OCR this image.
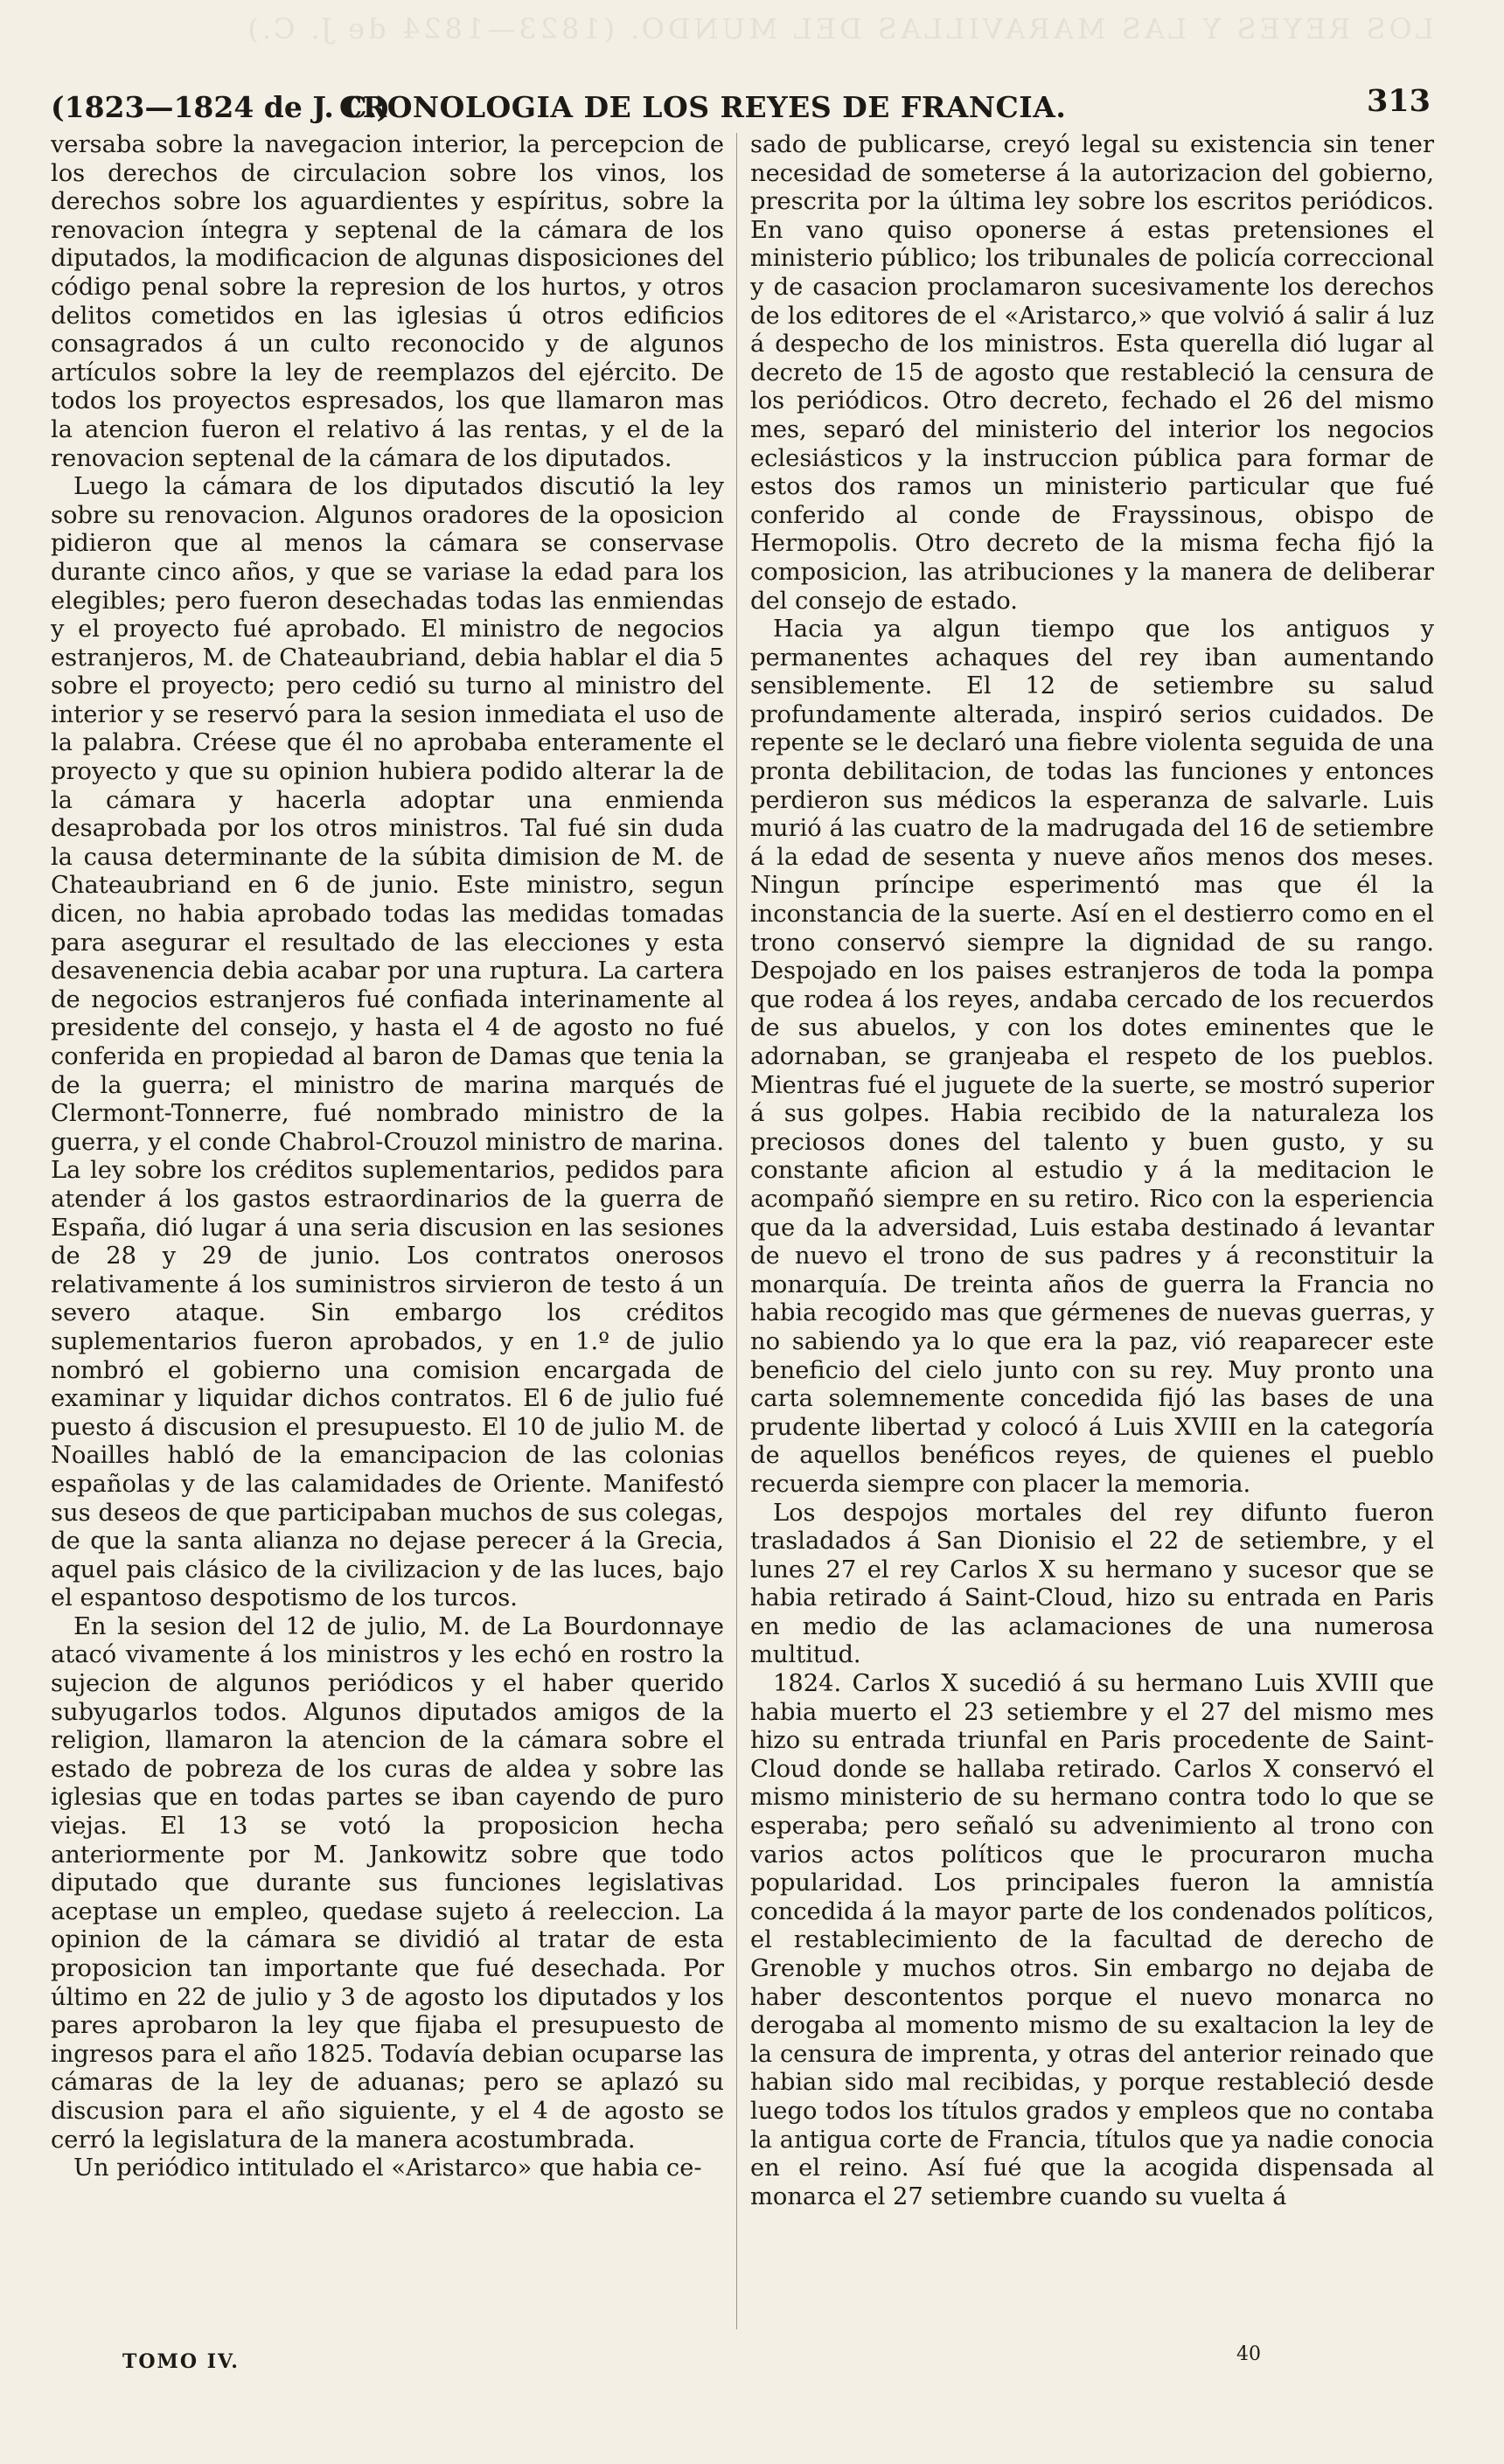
LOS REYES Y LAS MARAVILLAS DEL MUNDO. (1823—1824 de J. C.)
(1823—1824 de J. C.)
CRONOLOGIA DE LOS REYES DE FRANCIA.	313

versaba sobre la navegacion interior, la percepcion de los derechos de circulacion sobre los vinos, los derechos sobre los aguardientes y espíritus, sobre la renovacion íntegra y septenal de la cámara de los diputados, la modificacion de algunas disposiciones del código penal sobre la represion de los hurtos, y otros delitos cometidos en las iglesias ú otros edificios consagrados á un culto reconocido y de algunos artículos sobre la ley de reemplazos del ejército. De todos los proyectos espresados, los que llamaron mas la atencion fueron el relativo á las rentas, y el de la renovacion septenal de la cámara de los diputados.

Luego la cámara de los diputados discutió la ley sobre su renovacion. Algunos oradores de la oposicion pidieron que al menos la cámara se conservase durante cinco años, y que se variase la edad para los elegibles; pero fueron desechadas todas las enmiendas y el proyecto fué aprobado. El ministro de negocios estranjeros, M. de Chateaubriand, debia hablar el dia 5 sobre el proyecto; pero cedió su turno al ministro del interior y se reservó para la sesion inmediata el uso de la palabra. Créese que él no aprobaba enteramente el proyecto y que su opinion hubiera podido alterar la de la cámara y hacerla adoptar una enmienda desaprobada por los otros ministros. Tal fué sin duda la causa determinante de la súbita dimision de M. de Chateaubriand en 6 de junio. Este ministro, segun dicen, no habia aprobado todas las medidas tomadas para asegurar el resultado de las elecciones y esta desavenencia debia acabar por una ruptura. La cartera de negocios estranjeros fué confiada interinamente al presidente del consejo, y hasta el 4 de agosto no fué conferida en propiedad al baron de Damas que tenia la de la guerra; el ministro de marina marqués de Clermont-Tonnerre, fué nombrado ministro de la guerra, y el conde Chabrol-Crouzol ministro de marina. La ley sobre los créditos suplementarios, pedidos para atender á los gastos estraordinarios de la guerra de España, dió lugar á una seria discusion en las sesiones de 28 y 29 de junio. Los contratos onerosos relativamente á los suministros sirvieron de testo á un severo ataque. Sin embargo los créditos suplementarios fueron aprobados, y en 1.º de julio nombró el gobierno una comision encargada de examinar y liquidar dichos contratos. El 6 de julio fué puesto á discusion el presupuesto. El 10 de julio M. de Noailles habló de la emancipacion de las colonias españolas y de las calamidades de Oriente. Manifestó sus deseos de que participaban muchos de sus colegas, de que la santa alianza no dejase perecer á la Grecia, aquel pais clásico de la civilizacion y de las luces, bajo el espantoso despotismo de los turcos.

En la sesion del 12 de julio, M. de La Bourdonnaye atacó vivamente á los ministros y les echó en rostro la sujecion de algunos periódicos y el haber querido subyugarlos todos. Algunos diputados amigos de la religion, llamaron la atencion de la cámara sobre el estado de pobreza de los curas de aldea y sobre las iglesias que en todas partes se iban cayendo de puro viejas. El 13 se votó la proposicion hecha anteriormente por M. Jankowitz sobre que todo diputado que durante sus funciones legislativas aceptase un empleo, quedase sujeto á reeleccion. La opinion de la cámara se dividió al tratar de esta proposicion tan importante que fué desechada. Por último en 22 de julio y 3 de agosto los diputados y los pares aprobaron la ley que fijaba el presupuesto de ingresos para el año 1825. Todavía debian ocuparse las cámaras de la ley de aduanas; pero se aplazó su discusion para el año siguiente, y el 4 de agosto se cerró la legislatura de la manera acostumbrada.

Un periódico intitulado el «Aristarco» que habia ce-

sado de publicarse, creyó legal su existencia sin tener necesidad de someterse á la autorizacion del gobierno, prescrita por la última ley sobre los escritos periódicos. En vano quiso oponerse á estas pretensiones el ministerio público; los tribunales de policía correccional y de casacion proclamaron sucesivamente los derechos de los editores de el «Aristarco,» que volvió á salir á luz á despecho de los ministros. Esta querella dió lugar al decreto de 15 de agosto que restableció la censura de los periódicos. Otro decreto, fechado el 26 del mismo mes, separó del ministerio del interior los negocios eclesiásticos y la instruccion pública para formar de estos dos ramos un ministerio particular que fué conferido al conde de Frayssinous, obispo de Hermopolis. Otro decreto de la misma fecha fijó la composicion, las atribuciones y la manera de deliberar del consejo de estado.

Hacia ya algun tiempo que los antiguos y permanentes achaques del rey iban aumentando sensiblemente. El 12 de setiembre su salud profundamente alterada, inspiró serios cuidados. De repente se le declaró una fiebre violenta seguida de una pronta debilitacion, de todas las funciones y entonces perdieron sus médicos la esperanza de salvarle. Luis murió á las cuatro de la madrugada del 16 de setiembre á la edad de sesenta y nueve años menos dos meses. Ningun príncipe esperimentó mas que él la inconstancia de la suerte. Así en el destierro como en el trono conservó siempre la dignidad de su rango. Despojado en los paises estranjeros de toda la pompa que rodea á los reyes, andaba cercado de los recuerdos de sus abuelos, y con los dotes eminentes que le adornaban, se granjeaba el respeto de los pueblos. Mientras fué el juguete de la suerte, se mostró superior á sus golpes. Habia recibido de la naturaleza los preciosos dones del talento y buen gusto, y su constante aficion al estudio y á la meditacion le acompañó siempre en su retiro. Rico con la esperiencia que da la adversidad, Luis estaba destinado á levantar de nuevo el trono de sus padres y á reconstituir la monarquía. De treinta años de guerra la Francia no habia recogido mas que gérmenes de nuevas guerras, y no sabiendo ya lo que era la paz, vió reaparecer este beneficio del cielo junto con su rey. Muy pronto una carta solemnemente concedida fijó las bases de una prudente libertad y colocó á Luis XVIII en la categoría de aquellos benéficos reyes, de quienes el pueblo recuerda siempre con placer la memoria.

Los despojos mortales del rey difunto fueron trasladados á San Dionisio el 22 de setiembre, y el lunes 27 el rey Carlos X su hermano y sucesor que se habia retirado á Saint-Cloud, hizo su entrada en Paris en medio de las aclamaciones de una numerosa multitud.

1824. Carlos X sucedió á su hermano Luis XVIII que habia muerto el 23 setiembre y el 27 del mismo mes hizo su entrada triunfal en Paris procedente de Saint-Cloud donde se hallaba retirado. Carlos X conservó el mismo ministerio de su hermano contra todo lo que se esperaba; pero señaló su advenimiento al trono con varios actos políticos que le procuraron mucha popularidad. Los principales fueron la amnistía concedida á la mayor parte de los condenados políticos, el restablecimiento de la facultad de derecho de Grenoble y muchos otros. Sin embargo no dejaba de haber descontentos porque el nuevo monarca no derogaba al momento mismo de su exaltacion la ley de la censura de imprenta, y otras del anterior reinado que habian sido mal recibidas, y porque restableció desde luego todos los títulos grados y empleos que no contaba la antigua corte de Francia, títulos que ya nadie conocia en el reino. Así fué que la acogida dispensada al monarca el 27 setiembre cuando su vuelta á

TOMO IV.	40
